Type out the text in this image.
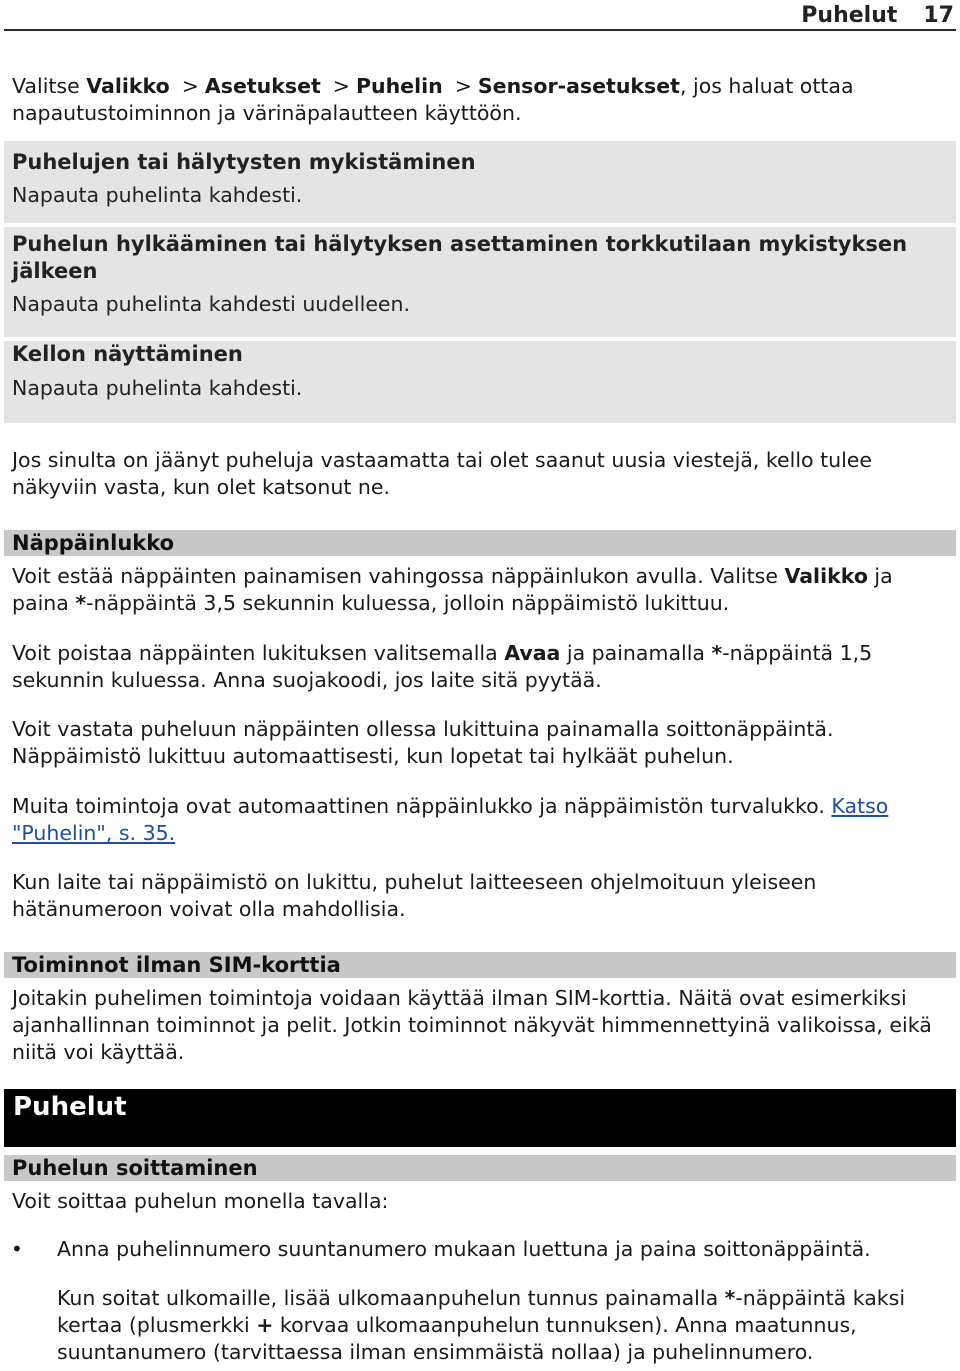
Puhelut 17
Valitse Valikko > Asetukset > Puhelin > Sensor-asetukset, jos haluat ottaa napautustoiminnon ja värinäpalautteen käyttöön.
Puhelujen tai hälytysten mykistäminen
Napauta puhelinta kahdesti.
Puhelun hylkääminen tai hälytyksen asettaminen torkkutilaan mykistyksen jälkeen
Napauta puhelinta kahdesti uudelleen.
Kellon näyttäminen
Napauta puhelinta kahdesti.
Jos sinulta on jäänyt puheluja vastaamatta tai olet saanut uusia viestejä, kello tulee näkyviin vasta, kun olet katsonut ne.
Näppäinlukko
Voit estää näppäinten painamisen vahingossa näppäinlukon avulla. Valitse Valikko ja paina *-näppäintä 3,5 sekunnin kuluessa, jolloin näppäimistö lukittuu.
Voit poistaa näppäinten lukituksen valitsemalla Avaa ja painamalla *-näppäintä 1,5 sekunnin kuluessa. Anna suojakoodi, jos laite sitä pyytää.
Voit vastata puheluun näppäinten ollessa lukittuina painamalla soittonäppäintä. Näppäimistö lukittuu automaattisesti, kun lopetat tai hylkäät puhelun.
Muita toimintoja ovat automaattinen näppäinlukko ja näppäimistön turvalukko. Katso "Puhelin", s. 35.
Kun laite tai näppäimistö on lukittu, puhelut laitteeseen ohjelmoituun yleiseen hätänumeroon voivat olla mahdollisia.
Toiminnot ilman SIM-korttia
Joitakin puhelimen toimintoja voidaan käyttää ilman SIM-korttia. Näitä ovat esimerkiksi ajanhallinnan toiminnot ja pelit. Jotkin toiminnot näkyvät himmennettyinä valikoissa, eikä niitä voi käyttää.
Puhelut
Puhelun soittaminen
Voit soittaa puhelun monella tavalla:
• Anna puhelinnumero suuntanumero mukaan luettuna ja paina soittonäppäintä.
Kun soitat ulkomaille, lisää ulkomaanpuhelun tunnus painamalla *-näppäintä kaksi kertaa (plusmerkki + korvaa ulkomaanpuhelun tunnuksen). Anna maatunnus, suuntanumero (tarvittaessa ilman ensimmäistä nollaa) ja puhelinnumero.
